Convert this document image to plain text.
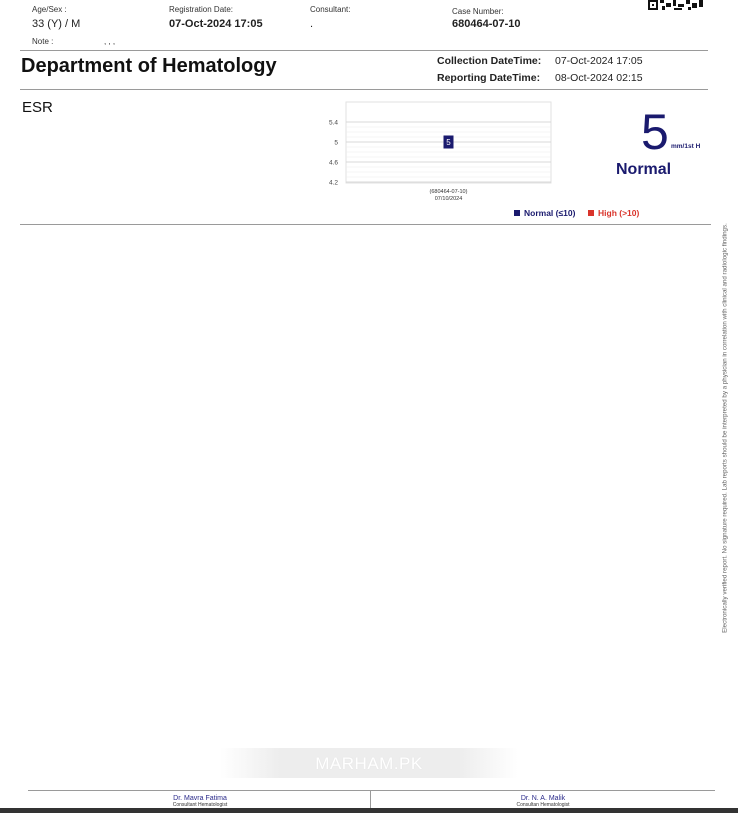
Age/Sex :
33 (Y) / M
Registration Date:
07-Oct-2024 17:05
Consultant:
.
Case Number:
680464-07-10
Note :	, , ,
Department of Hematology	Collection DateTime: 07-Oct-2024 17:05
Reporting DateTime: 08-Oct-2024 02:15
ESR
5.4
5
4.6
4.2
5
(680464-07-10)
07/10/2024
5 mm/1st H
Normal
Normal (≤10)	High (>10)
Electronically verified report. No signature required. Lab reports should be interpreted by a physician in correlation with clinical and radiologic findings.
MARHAM.PK
Dr. Mavra Fatima
Consultant Hematologist
Dr. N. A. Malik
Consultan Hematologist
